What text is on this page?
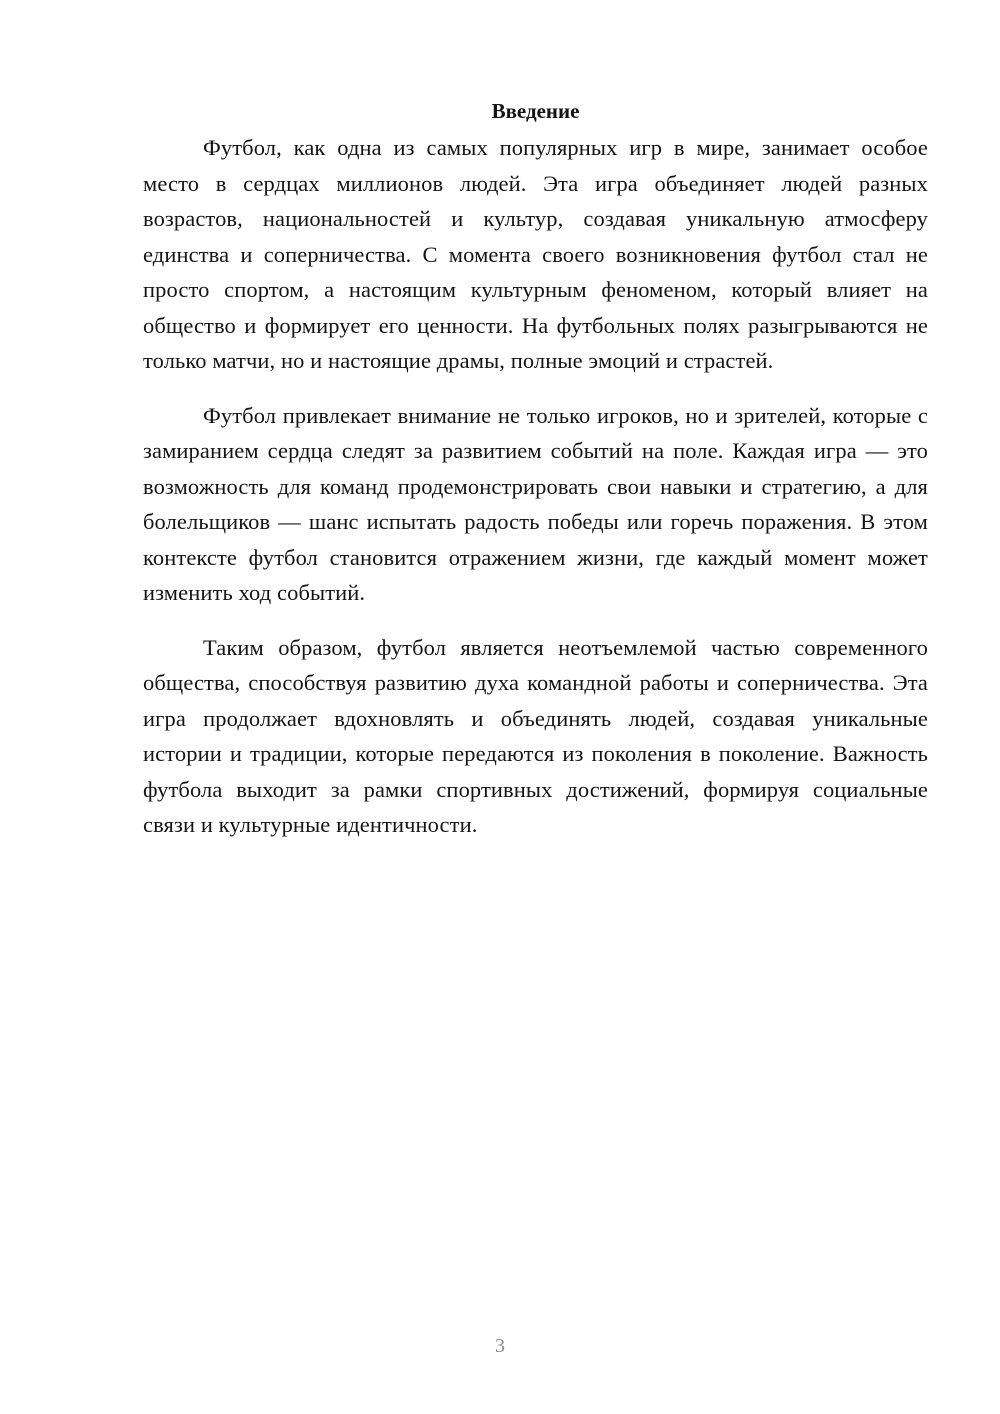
Введение

Футбол, как одна из самых популярных игр в мире, занимает особое место в сердцах миллионов людей. Эта игра объединяет людей разных возрастов, национальностей и культур, создавая уникальную атмосферу единства и соперничества. С момента своего возникновения футбол стал не просто спортом, а настоящим культурным феноменом, который влияет на общество и формирует его ценности. На футбольных полях разыгрываются не только матчи, но и настоящие драмы, полные эмоций и страстей.

Футбол привлекает внимание не только игроков, но и зрителей, которые с замиранием сердца следят за развитием событий на поле. Каждая игра — это возможность для команд продемонстрировать свои навыки и стратегию, а для болельщиков — шанс испытать радость победы или горечь поражения. В этом контексте футбол становится отражением жизни, где каждый момент может изменить ход событий.

Таким образом, футбол является неотъемлемой частью современного общества, способствуя развитию духа командной работы и соперничества. Эта игра продолжает вдохновлять и объединять людей, создавая уникальные истории и традиции, которые передаются из поколения в поколение. Важность футбола выходит за рамки спортивных достижений, формируя социальные связи и культурные идентичности.

3
